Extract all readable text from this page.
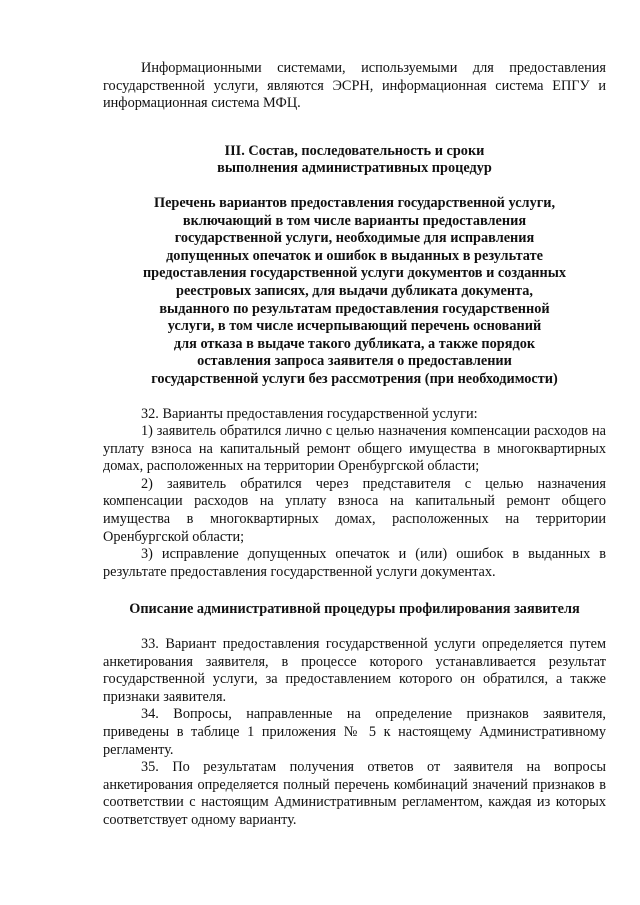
Информационными системами, используемыми для предоставления государственной услуги, являются ЭСРН, информационная система ЕПГУ и информационная система МФЦ.

III. Состав, последовательность и сроки
выполнения административных процедур
Перечень вариантов предоставления государственной услуги,
включающий в том числе варианты предоставления
государственной услуги, необходимые для исправления
допущенных опечаток и ошибок в выданных в результате
предоставления государственной услуги документов и созданных
реестровых записях, для выдачи дубликата документа,
выданного по результатам предоставления государственной
услуги, в том числе исчерпывающий перечень оснований
для отказа в выдаче такого дубликата, а также порядок
оставления запроса заявителя о предоставлении
государственной услуги без рассмотрения (при необходимости)

32. Варианты предоставления государственной услуги:

1) заявитель обратился лично с целью назначения компенсации расходов на уплату взноса на капитальный ремонт общего имущества в многоквартирных домах, расположенных на территории Оренбургской области;

2) заявитель обратился через представителя с целью назначения компенсации расходов на уплату взноса на капитальный ремонт общего имущества в многоквартирных домах, расположенных на территории Оренбургской области;

3) исправление допущенных опечаток и (или) ошибок в выданных в результате предоставления государственной услуги документах.

Описание административной процедуры профилирования заявителя

33. Вариант предоставления государственной услуги определяется путем анкетирования заявителя, в процессе которого устанавливается результат государственной услуги, за предоставлением которого он обратился, а также признаки заявителя.

34. Вопросы, направленные на определение признаков заявителя, приведены в таблице 1 приложения № 5 к настоящему Административному регламенту.

35. По результатам получения ответов от заявителя на вопросы анкетирования определяется полный перечень комбинаций значений признаков в соответствии с настоящим Административным регламентом, каждая из которых соответствует одному варианту.
